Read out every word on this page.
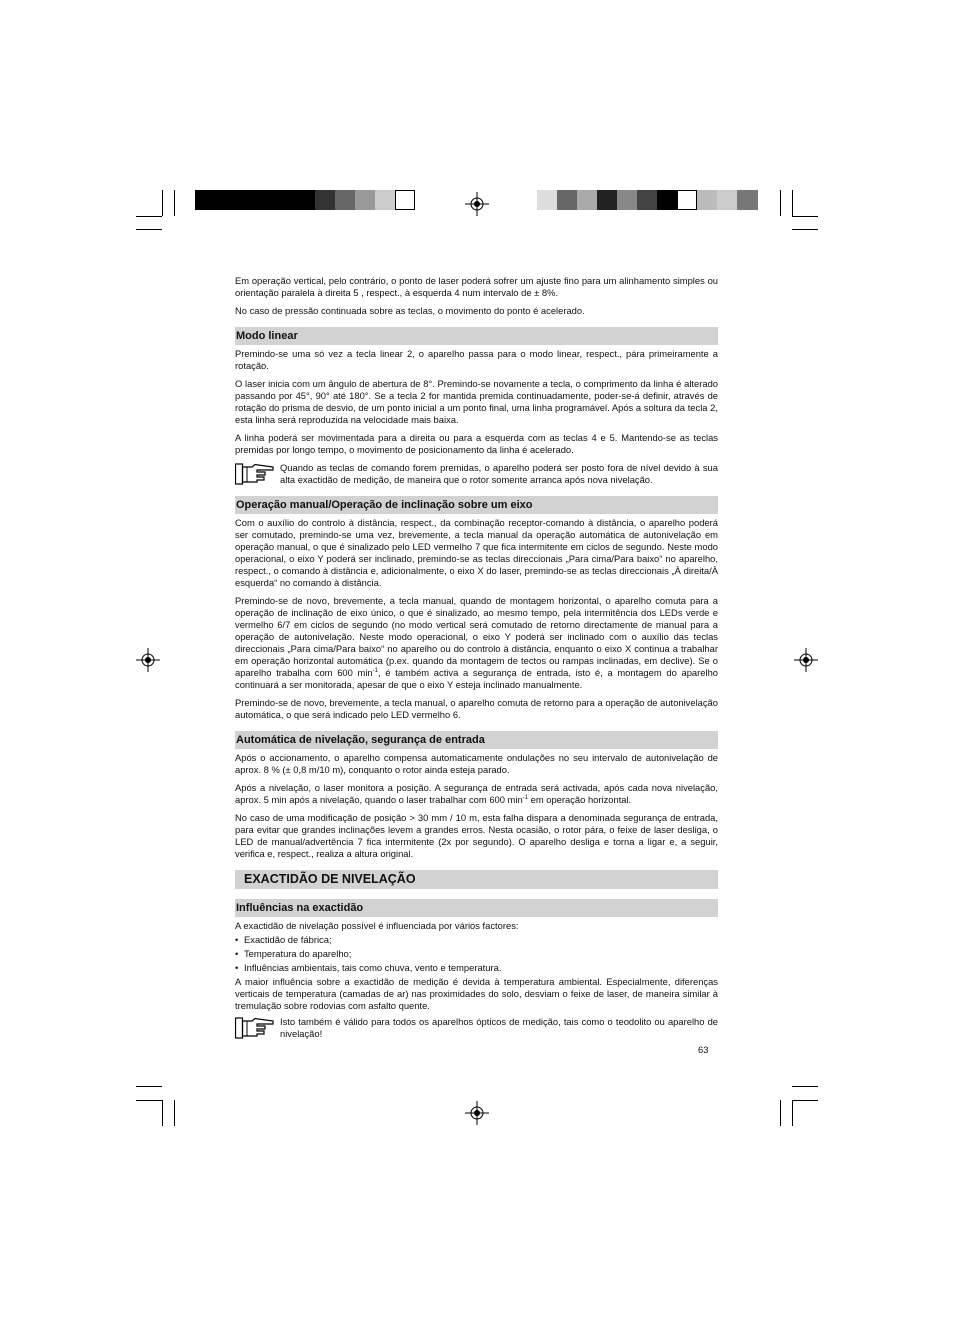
Em operação vertical, pelo contrário, o ponto de laser poderá sofrer um ajuste fino para um alinhamento simples ou orientação paralela à direita 5 , respect., à esquerda 4 num intervalo de ± 8%.

No caso de pressão continuada sobre as teclas, o movimento do ponto é acelerado.

Modo linear

Premindo-se uma só vez a tecla linear 2, o aparelho passa para o modo linear, respect., pára primeiramente a rotação.

O laser inicia com um ângulo de abertura de 8°. Premindo-se novamente a tecla, o comprimento da linha é alterado passando por 45°, 90° até 180°. Se a tecla 2 for mantida premida continuadamente, poder-se-á definir, através de rotação do prisma de desvio, de um ponto inicial a um ponto final, uma linha programável. Após a soltura da tecla 2, esta linha será reproduzida na velocidade mais baixa.

A linha poderá ser movimentada para a direita ou para a esquerda com as teclas 4 e 5. Mantendo-se as teclas premidas por longo tempo, o movimento de posicionamento da linha é acelerado.

Quando as teclas de comando forem premidas, o aparelho poderá ser posto fora de nível devido à sua alta exactidão de medição, de maneira que o rotor somente arranca após nova nivelação.
Operação manual/Operação de inclinação sobre um eixo

Com o auxílio do controlo à distância, respect., da combinação receptor-comando à distância, o aparelho poderá ser comutado, premindo-se uma vez, brevemente, a tecla manual da operação automática de autonivelação em operação manual, o que é sinalizado pelo LED vermelho 7 que fica intermitente em ciclos de segundo. Neste modo operacional, o eixo Y poderá ser inclinado, premindo-se as teclas direccionais „Para cima/Para baixo“ no aparelho, respect., o comando à distância e, adicionalmente, o eixo X do laser, premindo-se as teclas direccionais „À direita/À esquerda“ no comando à distância.

Premindo-se de novo, brevemente, a tecla manual, quando de montagem horizontal, o aparelho comuta para a operação de inclinação de eixo único, o que é sinalizado, ao mesmo tempo, pela intermitência dos LEDs verde e vermelho 6/7 em ciclos de segundo (no modo vertical será comutado de retorno directamente de manual para a operação de autonivelação. Neste modo operacional, o eixo Y poderá ser inclinado com o auxílio das teclas direccionais „Para cima/Para baixo“ no aparelho ou do controlo à distância, enquanto o eixo X continua a trabalhar em operação horizontal automática (p.ex. quando da montagem de tectos ou rampas inclinadas, em declive). Se o aparelho trabalha com 600 $\min^{-1}$, é também activa a segurança de entrada, isto é, a montagem do aparelho continuará a ser monitorada, apesar de que o eixo Y esteja inclinado manualmente.

Premindo-se de novo, brevemente, a tecla manual, o aparelho comuta de retorno para a operação de autonivelação automática, o que será indicado pelo LED vermelho 6.

Automática de nivelação, segurança de entrada

Após o accionamento, o aparelho compensa automaticamente ondulações no seu intervalo de autonivelação de aprox. 8 % (± 0,8 m/10 m), conquanto o rotor ainda esteja parado.

Após a nivelação, o laser monitora a posição. A segurança de entrada será activada, após cada nova nivelação, aprox. 5 min após a nivelação, quando o laser trabalhar com 600 $\min^{-1}$ em operação horizontal.

No caso de uma modificação de posição > 30 mm / 10 m, esta falha dispara a denominada segurança de entrada, para evitar que grandes inclinações levem a grandes erros. Nesta ocasião, o rotor pára, o feixe de laser desliga, o LED de manual/advertência 7 fica intermitente (2x por segundo). O aparelho desliga e torna a ligar e, a seguir, verifica e, respect., realiza a altura original.

EXACTIDÃO DE NIVELAÇÃO
Influências na exactidão

A exactidão de nivelação possível é influenciada por vários factores:

• Exactidão de fábrica;
• Temperatura do aparelho;
• Influências ambientais, tais como chuva, vento e temperatura.

A maior influência sobre a exactidão de medição é devida à temperatura ambiental. Especialmente, diferenças verticais de temperatura (camadas de ar) nas proximidades do solo, desviam o feixe de laser, de maneira similar à tremulação sobre rodovias com asfalto quente.

Isto também é válido para todos os aparelhos ópticos de medição, tais como o teodolito ou aparelho de nivelação!
63
